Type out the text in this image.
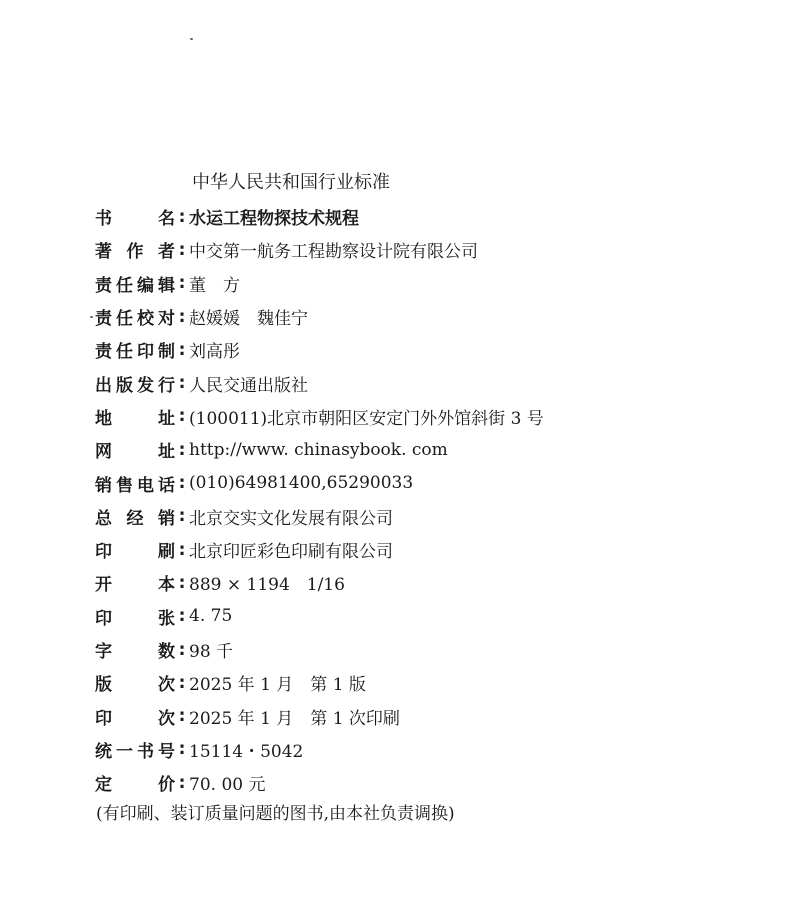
中华人民共和国行业标准
书	名 : 水运工程物探技术规程
著 作 者 : 中交第一航务工程勘察设计院有限公司
责 任 编 辑 : 董　方
责 任 校 对 : 赵媛媛　魏佳宁
责 任 印 制 : 刘高彤
出 版 发 行 : 人民交通出版社
地	址 : (100011)北京市朝阳区安定门外外馆斜街 3 号
网	址 : http://www. chinasybook. com
销 售 电 话 : (010)64981400,65290033
总 经 销 : 北京交实文化发展有限公司
印	刷 : 北京印匠彩色印刷有限公司
开	本 : 889 × 1194　1/16
印	张 : 4. 75
字	数 : 98 千
版	次 : 2025 年 1 月　第 1 版
印	次 : 2025 年 1 月　第 1 次印刷
统 一 书 号 : 15114・5042
定	价 : 70. 00 元
(有印刷、装订质量问题的图书,由本社负责调换)
